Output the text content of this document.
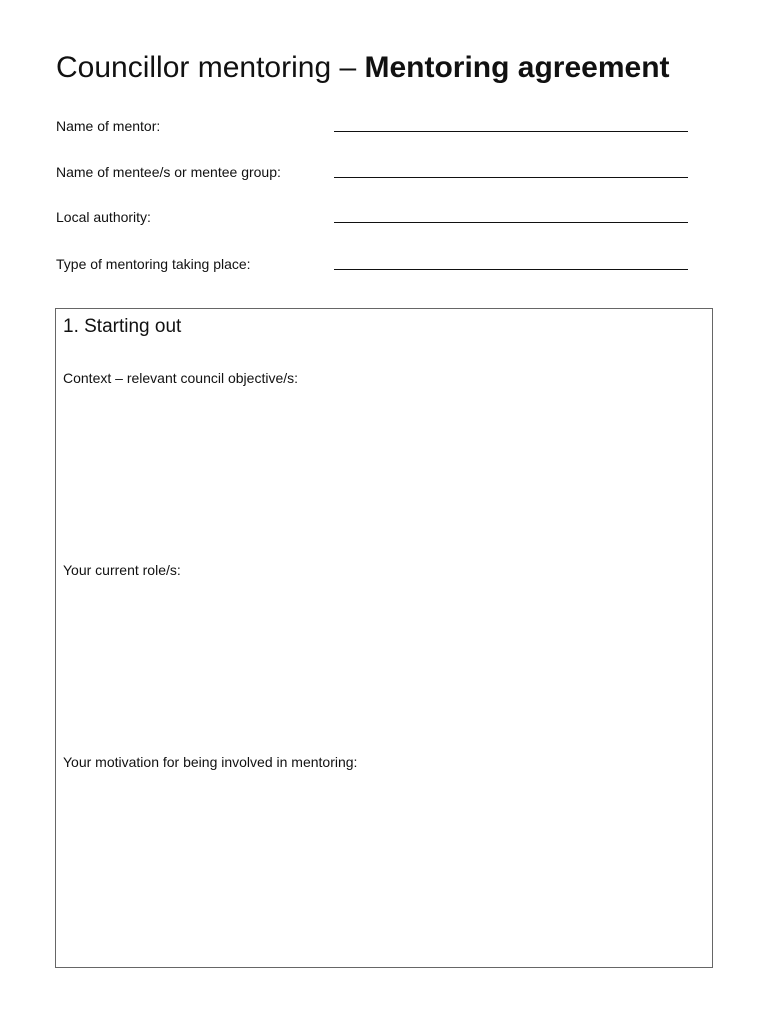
Councillor mentoring – Mentoring agreement
Name of mentor:
Name of mentee/s or mentee group:
Local authority:
Type of mentoring taking place:
1. Starting out
Context – relevant council objective/s:
Your current role/s:
Your motivation for being involved in mentoring:
